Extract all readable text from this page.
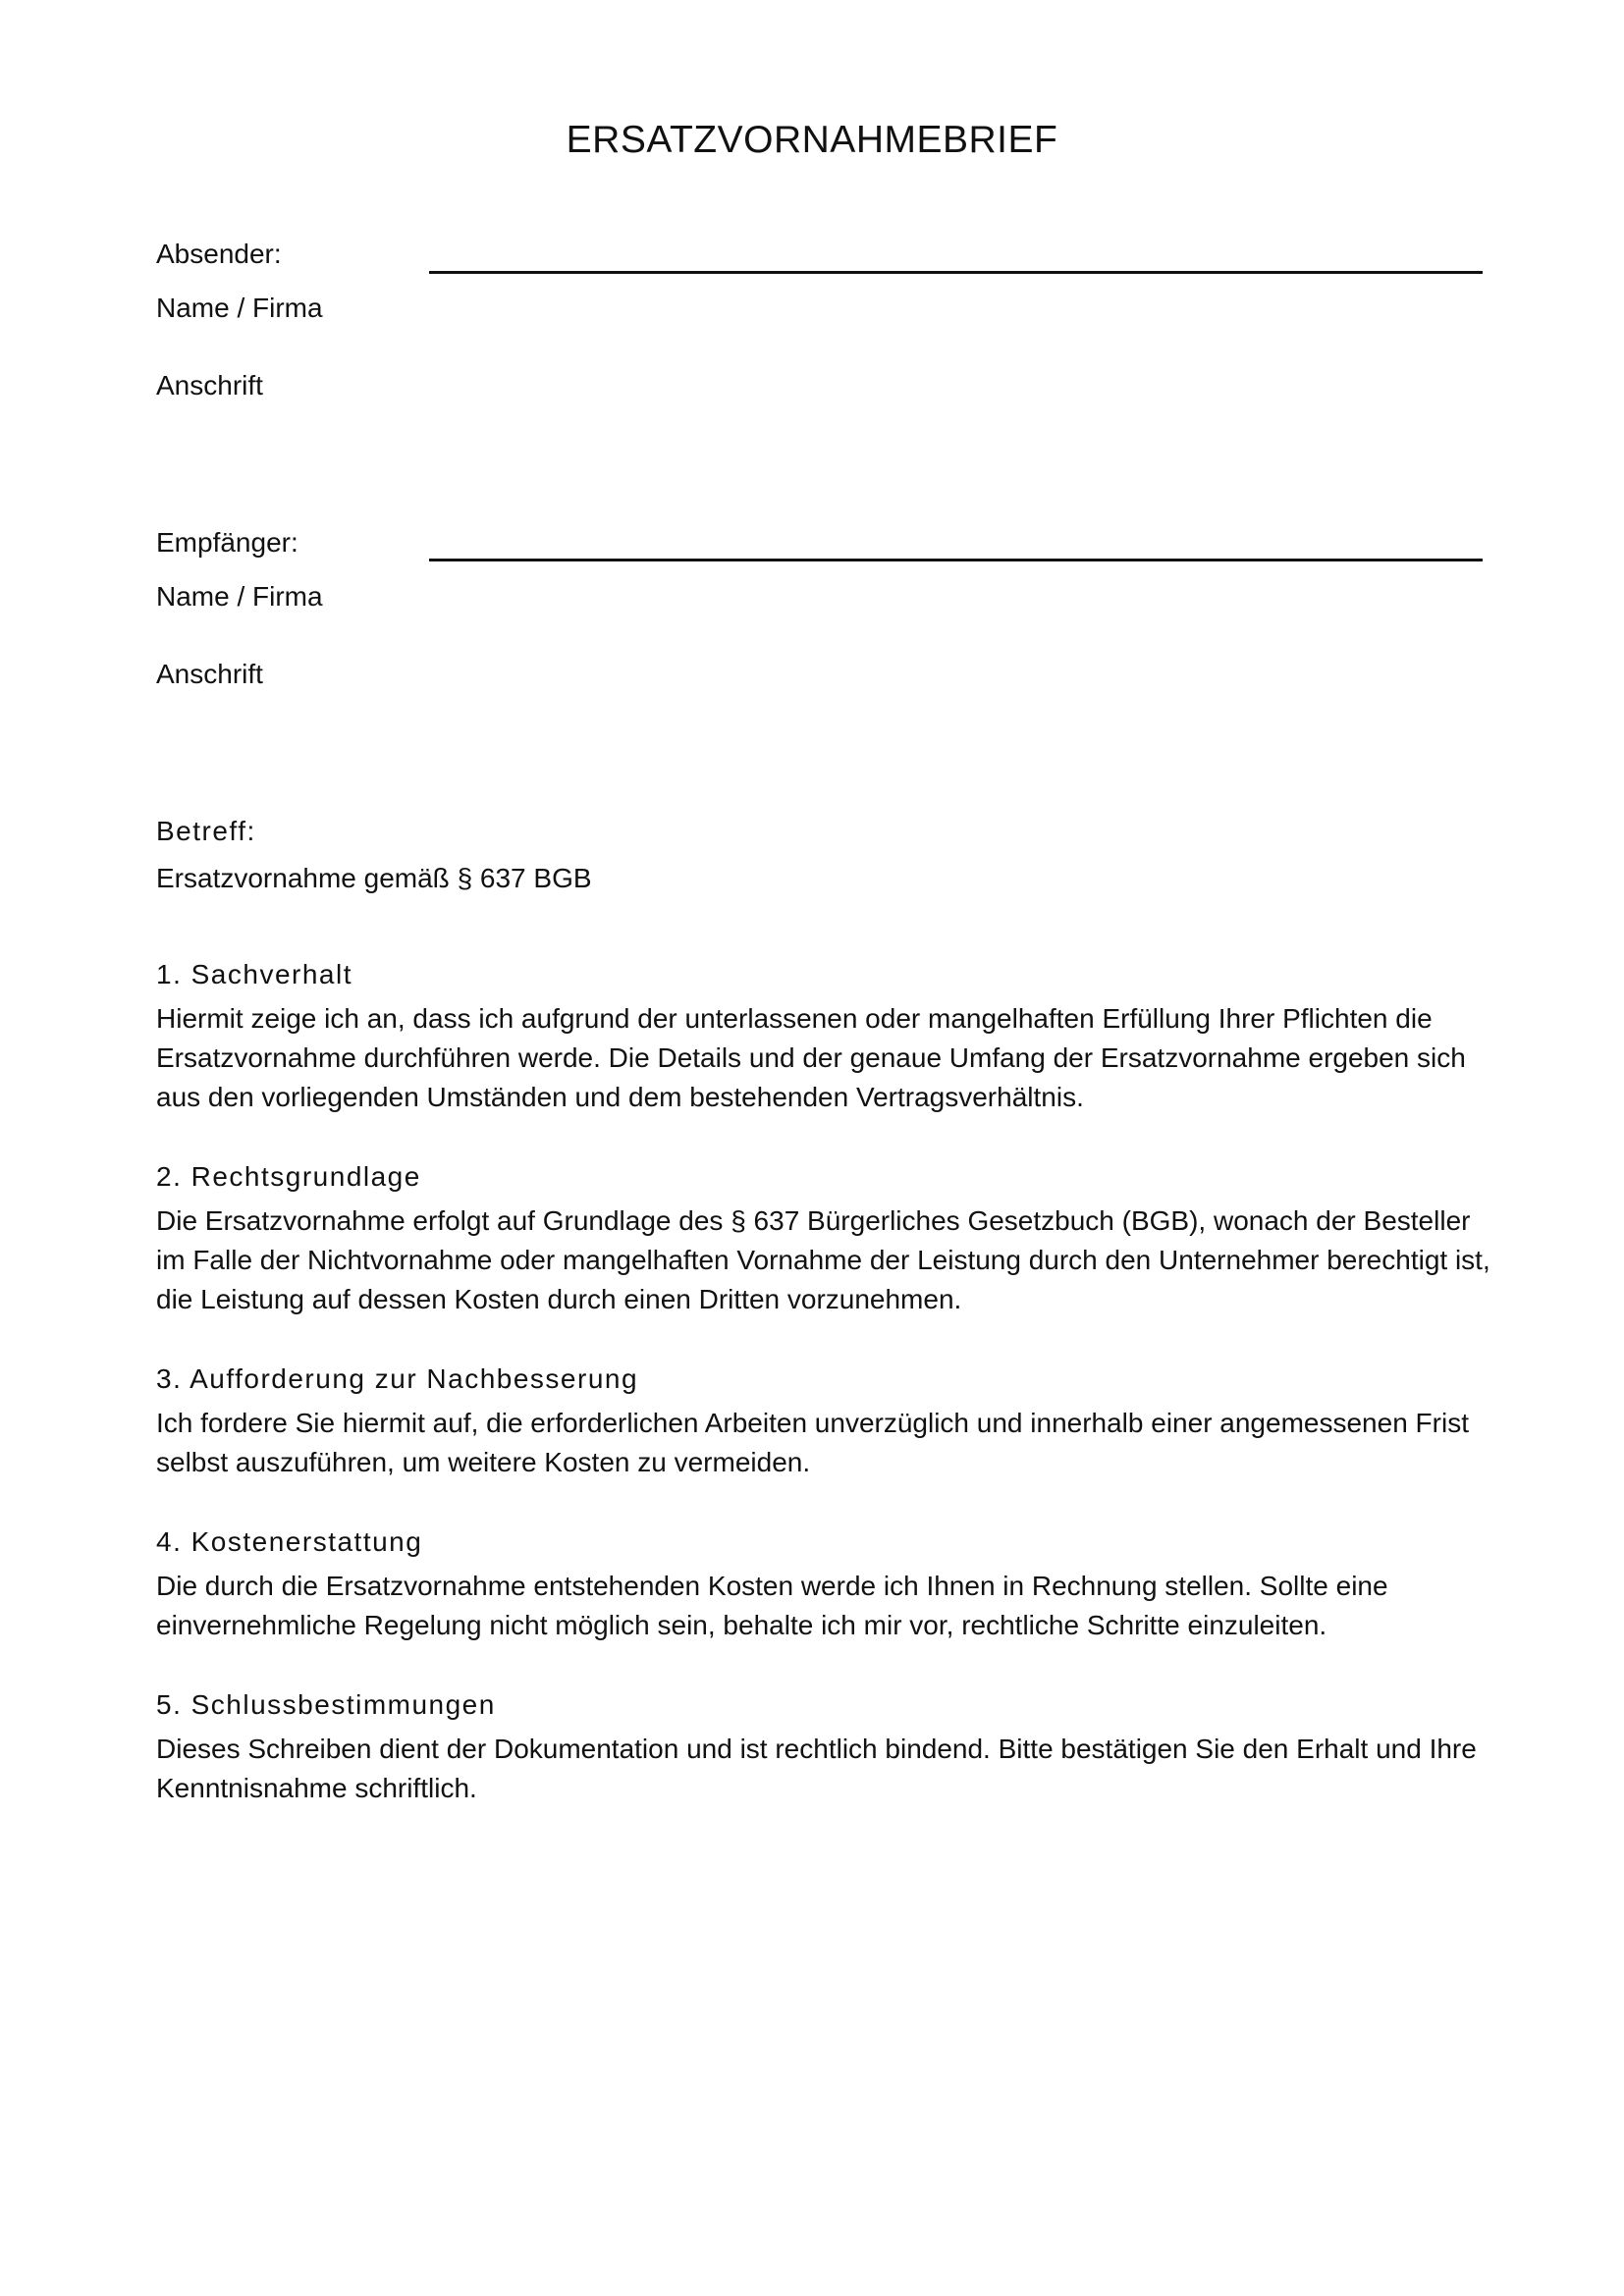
ERSATZVORNAHMEBRIEF
Absender:
Name / Firma
Anschrift
Empfänger:
Name / Firma
Anschrift
Betreff:
Ersatzvornahme gemäß § 637 BGB
1. Sachverhalt

Hiermit zeige ich an, dass ich aufgrund der unterlassenen oder mangelhaften Erfüllung Ihrer Pflichten die Ersatzvornahme durchführen werde. Die Details und der genaue Umfang der Ersatzvornahme ergeben sich aus den vorliegenden Umständen und dem bestehenden Vertragsverhältnis.

2. Rechtsgrundlage

Die Ersatzvornahme erfolgt auf Grundlage des § 637 Bürgerliches Gesetzbuch (BGB), wonach der Besteller im Falle der Nichtvornahme oder mangelhaften Vornahme der Leistung durch den Unternehmer berechtigt ist, die Leistung auf dessen Kosten durch einen Dritten vorzunehmen.

3. Aufforderung zur Nachbesserung

Ich fordere Sie hiermit auf, die erforderlichen Arbeiten unverzüglich und innerhalb einer angemessenen Frist selbst auszuführen, um weitere Kosten zu vermeiden.

4. Kostenerstattung

Die durch die Ersatzvornahme entstehenden Kosten werde ich Ihnen in Rechnung stellen. Sollte eine einvernehmliche Regelung nicht möglich sein, behalte ich mir vor, rechtliche Schritte einzuleiten.

5. Schlussbestimmungen

Dieses Schreiben dient der Dokumentation und ist rechtlich bindend. Bitte bestätigen Sie den Erhalt und Ihre Kenntnisnahme schriftlich.
